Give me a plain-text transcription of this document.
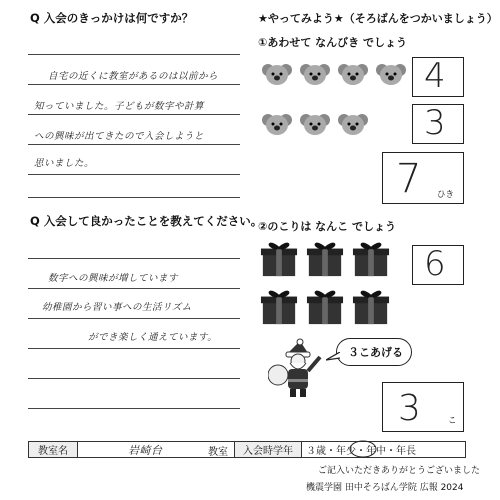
Q 入会のきっかけは何ですか？
自宅の近くに教室があるのは以前から
知っていました。子どもが数字や計算
への興味が出てきたので入会しようと
思いました。
Q 入会して良かったことを教えてください。
数字への興味が増しています
幼稚園から習い事への生活リズム
ができ楽しく通えています。
★やってみよう★（そろばんをつかいましょう）
①あわせて なんびき でしょう
4
3
7 ひき
②のこりは なんこ でしょう
6
３こあげる
3	こ
教室名	岩崎台	教室	入会時学年	３歳・年少・年中・年長
ご記入いただきありがとうございました
機震学園 田中そろばん学院 広報 2024
